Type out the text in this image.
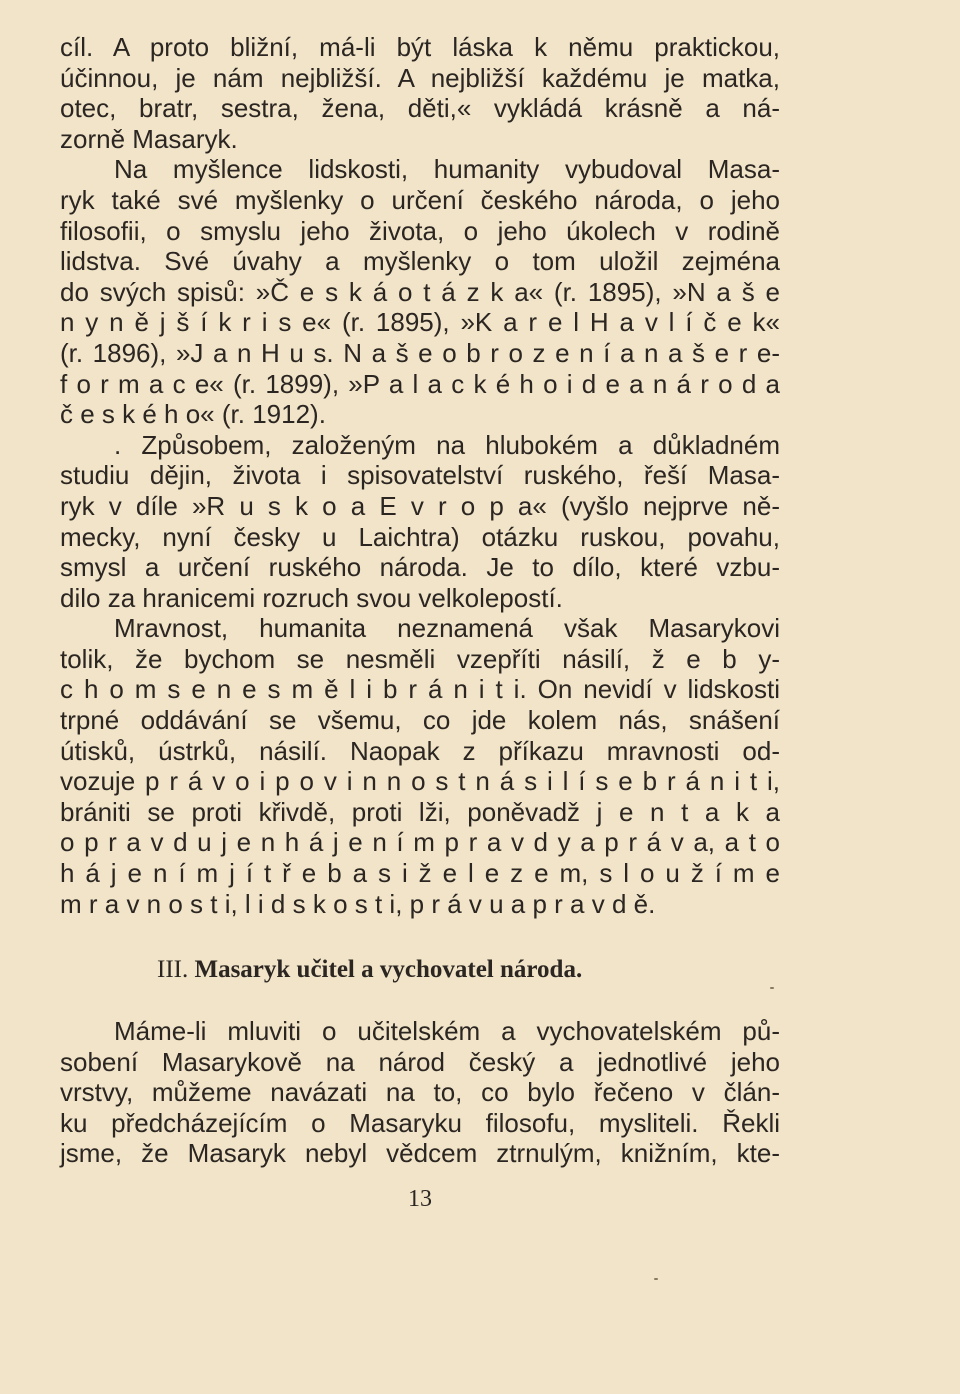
cíl. A proto bližní, má-li být láska k němu praktickou,
účinnou, je nám nejbližší. A nejbližší každému je matka,
otec, bratr, sestra, žena, děti,« vykládá krásně a ná-
zorně Masaryk.
Na myšlence lidskosti, humanity vybudoval Masa-
ryk také své myšlenky o určení českého národa, o jeho
filosofii, o smyslu jeho života, o jeho úkolech v rodině
lidstva. Své úvahy a myšlenky o tom uložil zejména
do svých spisů: »Č e s k á o t á z k a« (r. 1895), »N a š e
n y n ě j š í k r i s e« (r. 1895), »K a r e l H a v l í č e k«
(r. 1896), »J a n H u s. N a š e o b r o z e n í a n a š e r e-
f o r m a c e« (r. 1899), »P a l a c k é h o i d e a n á r o d a
č e s k é h o« (r. 1912).
. Způsobem, založeným na hlubokém a důkladném
studiu dějin, života i spisovatelství ruského, řeší Masa-
ryk v díle »R u s k o a E v r o p a« (vyšlo nejprve ně-
mecky, nyní česky u Laichtra) otázku ruskou, povahu,
smysl a určení ruského národa. Je to dílo, které vzbu-
dilo za hranicemi rozruch svou velkolepostí.
Mravnost, humanita neznamená však Masarykovi
tolik, že bychom se nesměli vzepříti násilí, ž e b y-
c h o m s e n e s m ě l i b r á n i t i. On nevidí v lidskosti
trpné oddávání se všemu, co jde kolem nás, snášení
útisků, ústrků, násilí. Naopak z příkazu mravnosti od-
vozuje p r á v o i p o v i n n o s t n á s i l í s e b r á n i t i,
brániti se proti křivdě, proti lži, poněvadž j e n t a k a
o p r a v d u j e n h á j e n í m p r a v d y a p r á v a, a t o
h á j e n í m j í t ř e b a s i ž e l e z e m, s l o u ž í m e
m r a v n o s t i, l i d s k o s t i, p r á v u a p r a v d ě.
III. Masaryk učitel a vychovatel národa.
Máme-li mluviti o učitelském a vychovatelském pů-
sobení Masarykově na národ český a jednotlivé jeho
vrstvy, můžeme navázati na to, co bylo řečeno v člán-
ku předcházejícím o Masaryku filosofu, mysliteli. Řekli
jsme, že Masaryk nebyl vědcem ztrnulým, knižním, kte-
13
